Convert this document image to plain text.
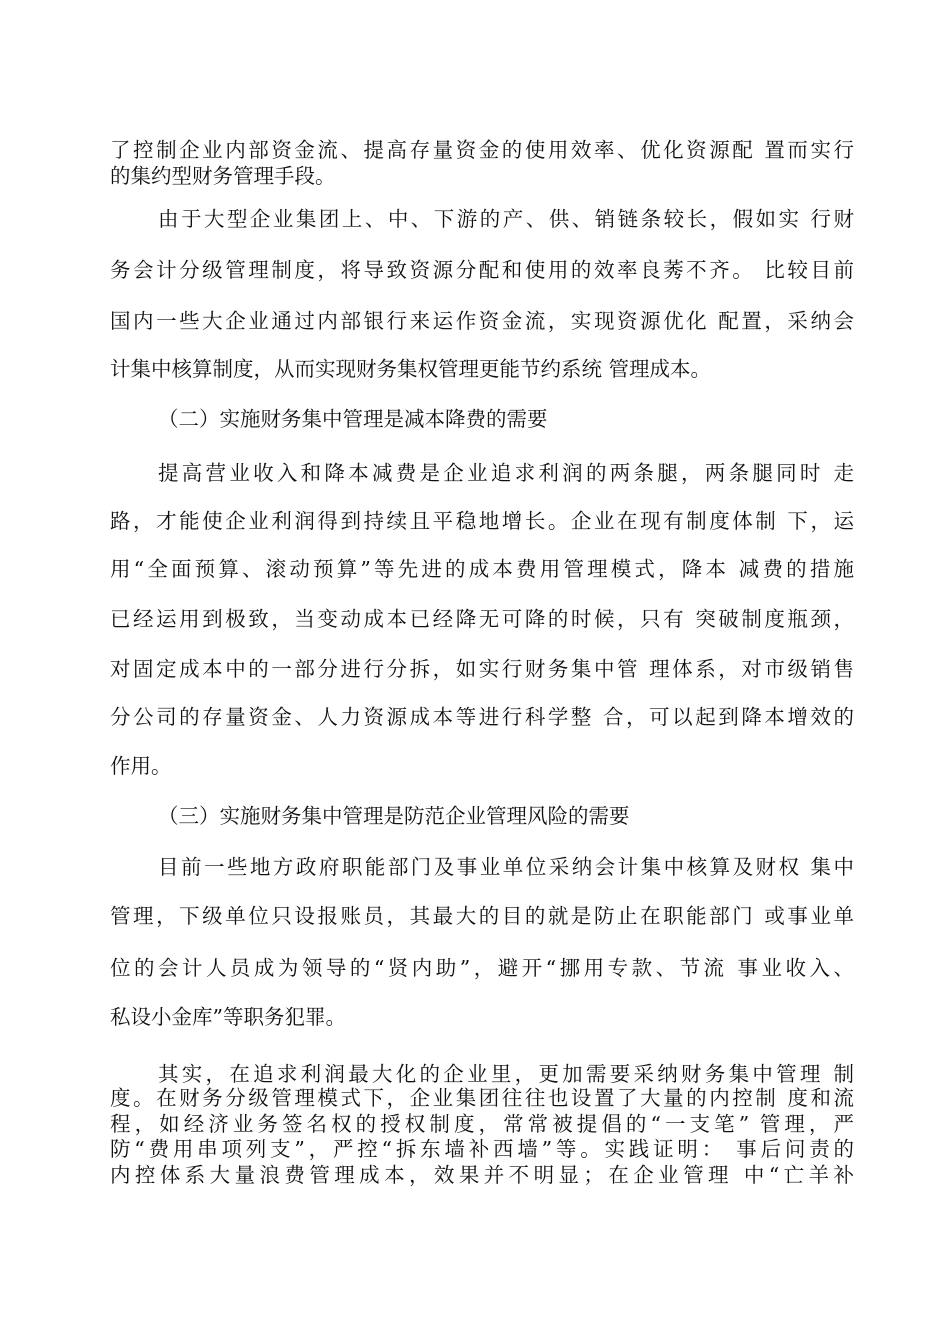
了控制企业内部资金流、提高存量资金的使用效率、优化资源配 置而实行
的集约型财务管理手段。
由于大型企业集团上、中、下游的产、供、销链条较长，假如实 行财
务会计分级管理制度，将导致资源分配和使用的效率良莠不齐。 比较目前
国内一些大企业通过内部银行来运作资金流，实现资源优化 配置，采纳会
计集中核算制度，从而实现财务集权管理更能节约系统 管理成本。
（二）实施财务集中管理是减本降费的需要
提高营业收入和降本减费是企业追求利润的两条腿，两条腿同时 走
路，才能使企业利润得到持续且平稳地增长。企业在现有制度体制 下，运
用“全面预算、滚动预算”等先进的成本费用管理模式，降本 减费的措施
已经运用到极致，当变动成本已经降无可降的时候，只有 突破制度瓶颈，
对固定成本中的一部分进行分拆，如实行财务集中管 理体系，对市级销售
分公司的存量资金、人力资源成本等进行科学整 合，可以起到降本增效的
作用。
（三）实施财务集中管理是防范企业管理风险的需要
目前一些地方政府职能部门及事业单位采纳会计集中核算及财权 集中
管理，下级单位只设报账员，其最大的目的就是防止在职能部门 或事业单
位的会计人员成为领导的“贤内助”，避开“挪用专款、节流 事业收入、
私设小金库”等职务犯罪。
其实，在追求利润最大化的企业里，更加需要采纳财务集中管理 制
度。在财务分级管理模式下，企业集团往往也设置了大量的内控制 度和流
程，如经济业务签名权的授权制度，常常被提倡的“一支笔” 管理，严
防“费用串项列支”，严控“拆东墙补西墙”等。实践证明： 事后问责的
内控体系大量浪费管理成本，效果并不明显；在企业管理 中“亡羊补
